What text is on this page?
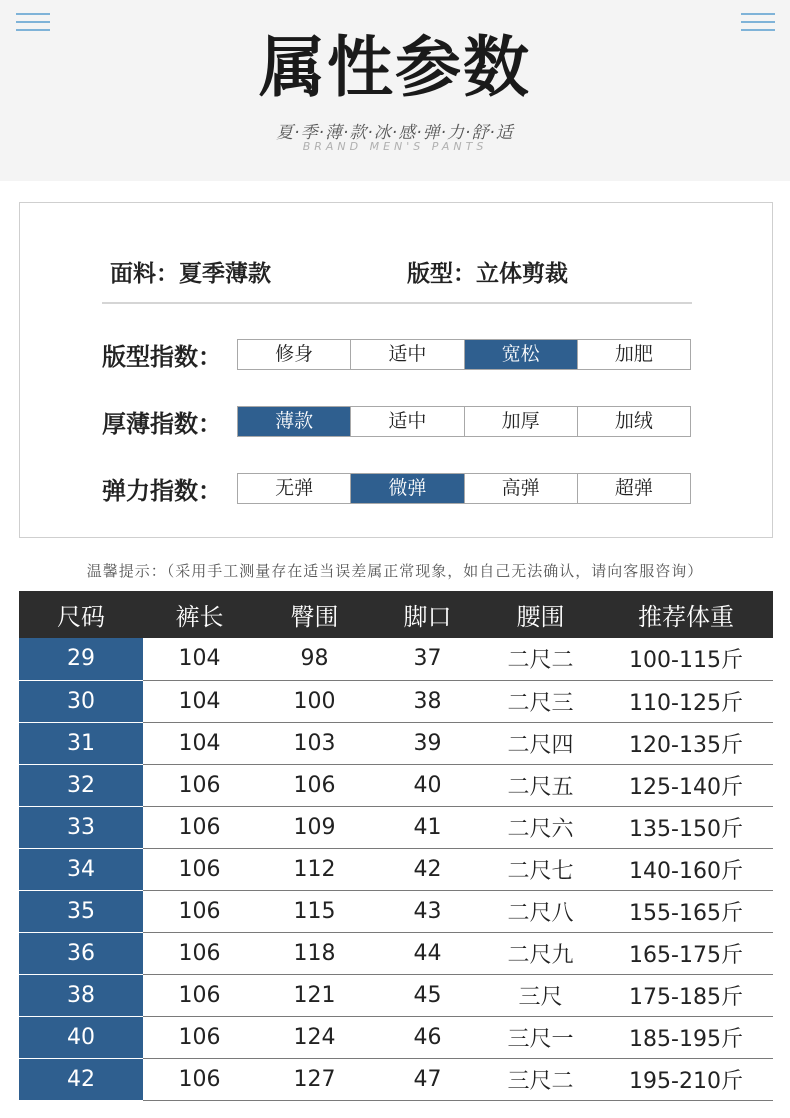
属性参数
夏·季·薄·款·冰·感·弹·力·舒·适
BRAND MEN'S PANTS
面料：夏季薄款	版型：立体剪裁
版型指数：	修身	适中	宽松	加肥
厚薄指数：	薄款	适中	加厚	加绒
弹力指数：	无弹	微弹	高弹	超弹
温馨提示：（采用手工测量存在适当误差属正常现象，如自己无法确认，请向客服咨询）
尺码	裤长	臀围	脚口	腰围	推荐体重
29	104	98	37	二尺二	100-115斤
30	104	100	38	二尺三	110-125斤
31	104	103	39	二尺四	120-135斤
32	106	106	40	二尺五	125-140斤
33	106	109	41	二尺六	135-150斤
34	106	112	42	二尺七	140-160斤
35	106	115	43	二尺八	155-165斤
36	106	118	44	二尺九	165-175斤
38	106	121	45	三尺	175-185斤
40	106	124	46	三尺一	185-195斤
42	106	127	47	三尺二	195-210斤
